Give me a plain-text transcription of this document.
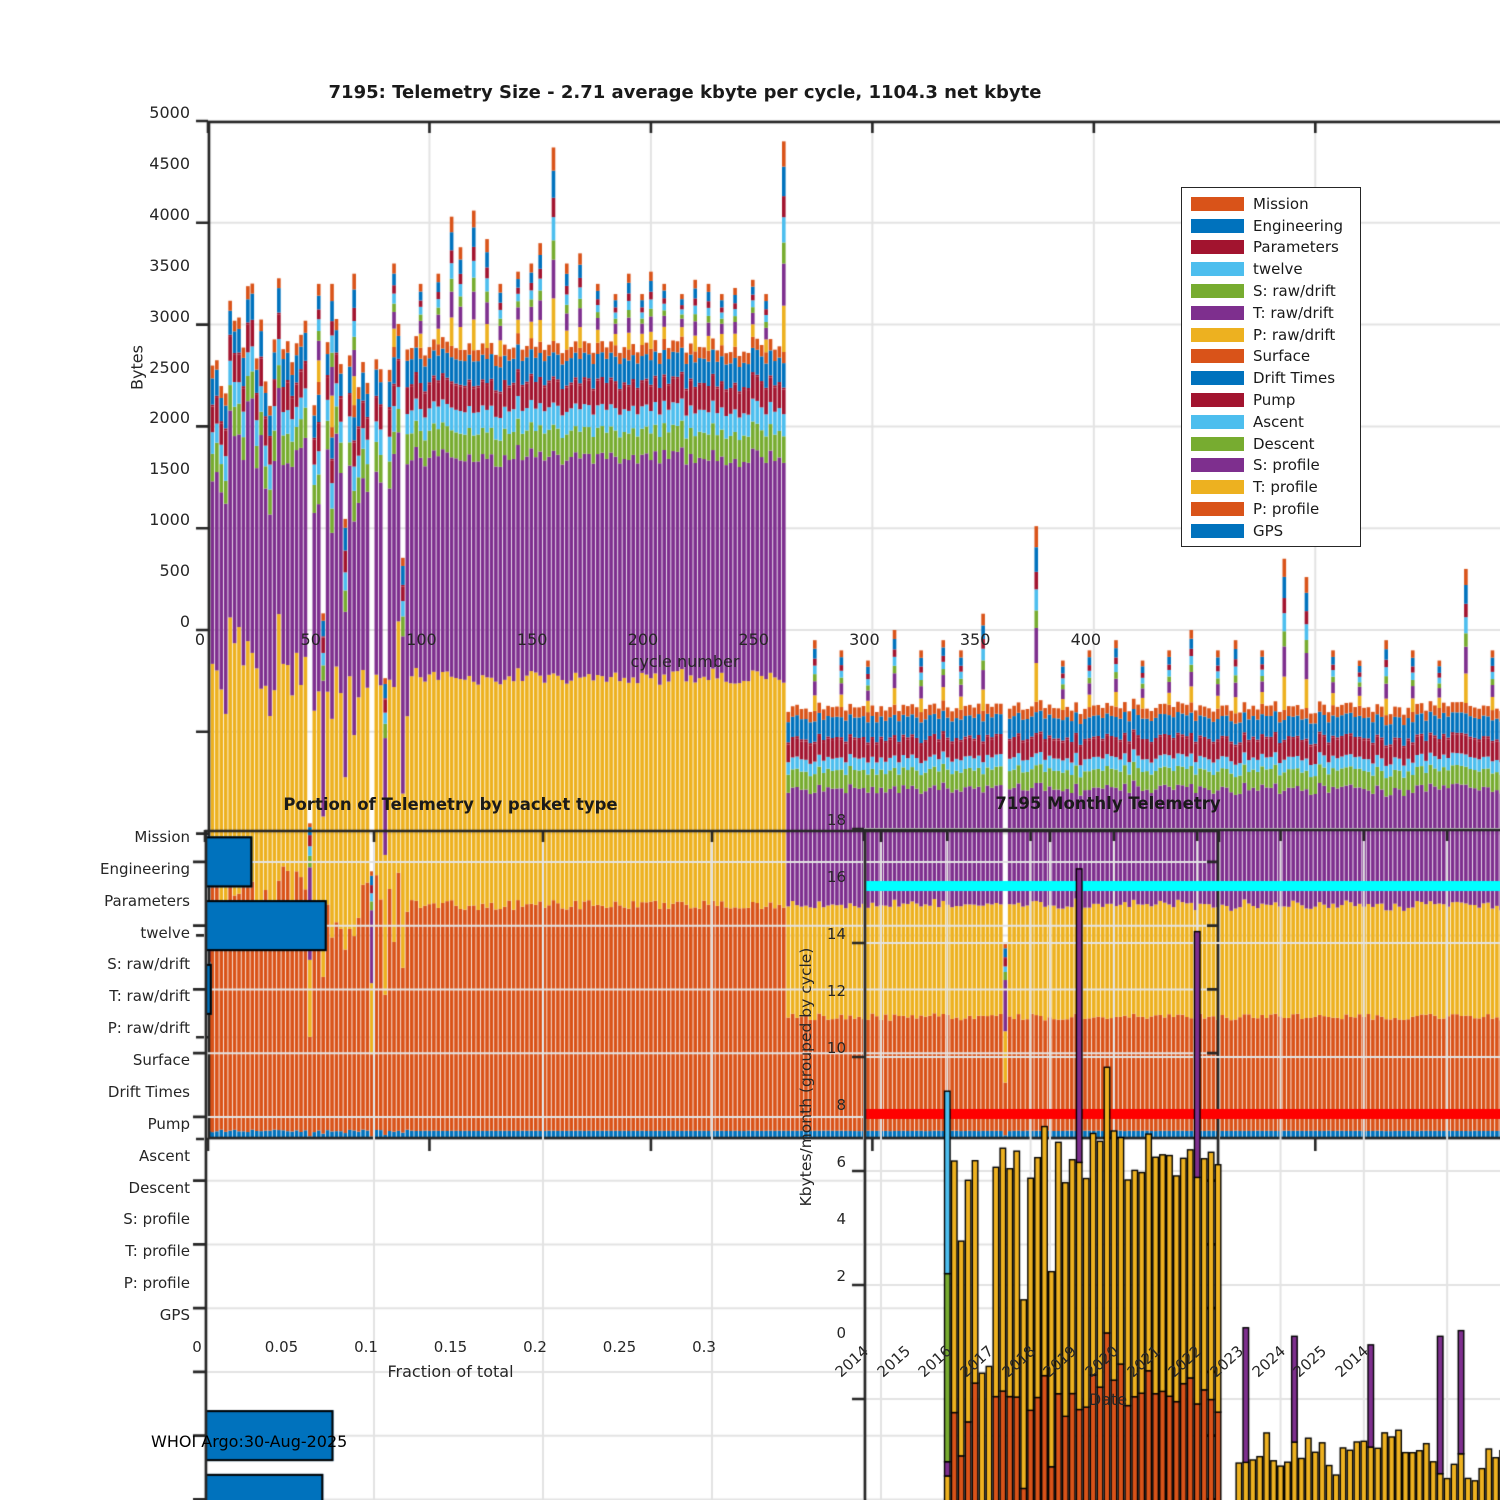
7195: Telemetry Size - 2.71 average kbyte per cycle, 1104.3 net kbyte
Bytes
0
500
1000
1500
2000
2500
3000
3500
4000
4500
5000
0	50	100	150	200	250	300	350	400
cycle number
Mission
Engineering
Parameters
twelve
S: raw/drift
T: raw/drift
P: raw/drift
Surface
Drift Times
Pump
Ascent
Descent
S: profile
T: profile
P: profile
GPS
Portion of Telemetry by packet type
Mission
Engineering
Parameters
twelve
S: raw/drift
T: raw/drift
P: raw/drift
Surface
Drift Times
Pump
Ascent
Descent
S: profile
T: profile
P: profile
GPS
0	0.05	0.1	0.15	0.2	0.25	0.3
Fraction of total
7195 Monthly Telemetry
Kbytes/month (grouped by cycle)
0
2
4
6
8
10
12
14
16
18
2014 2015 2016 2017 2018 2019 2020 2021 2022 2023 2024 2025 2014
Date
WHOI Argo:30-Aug-2025
